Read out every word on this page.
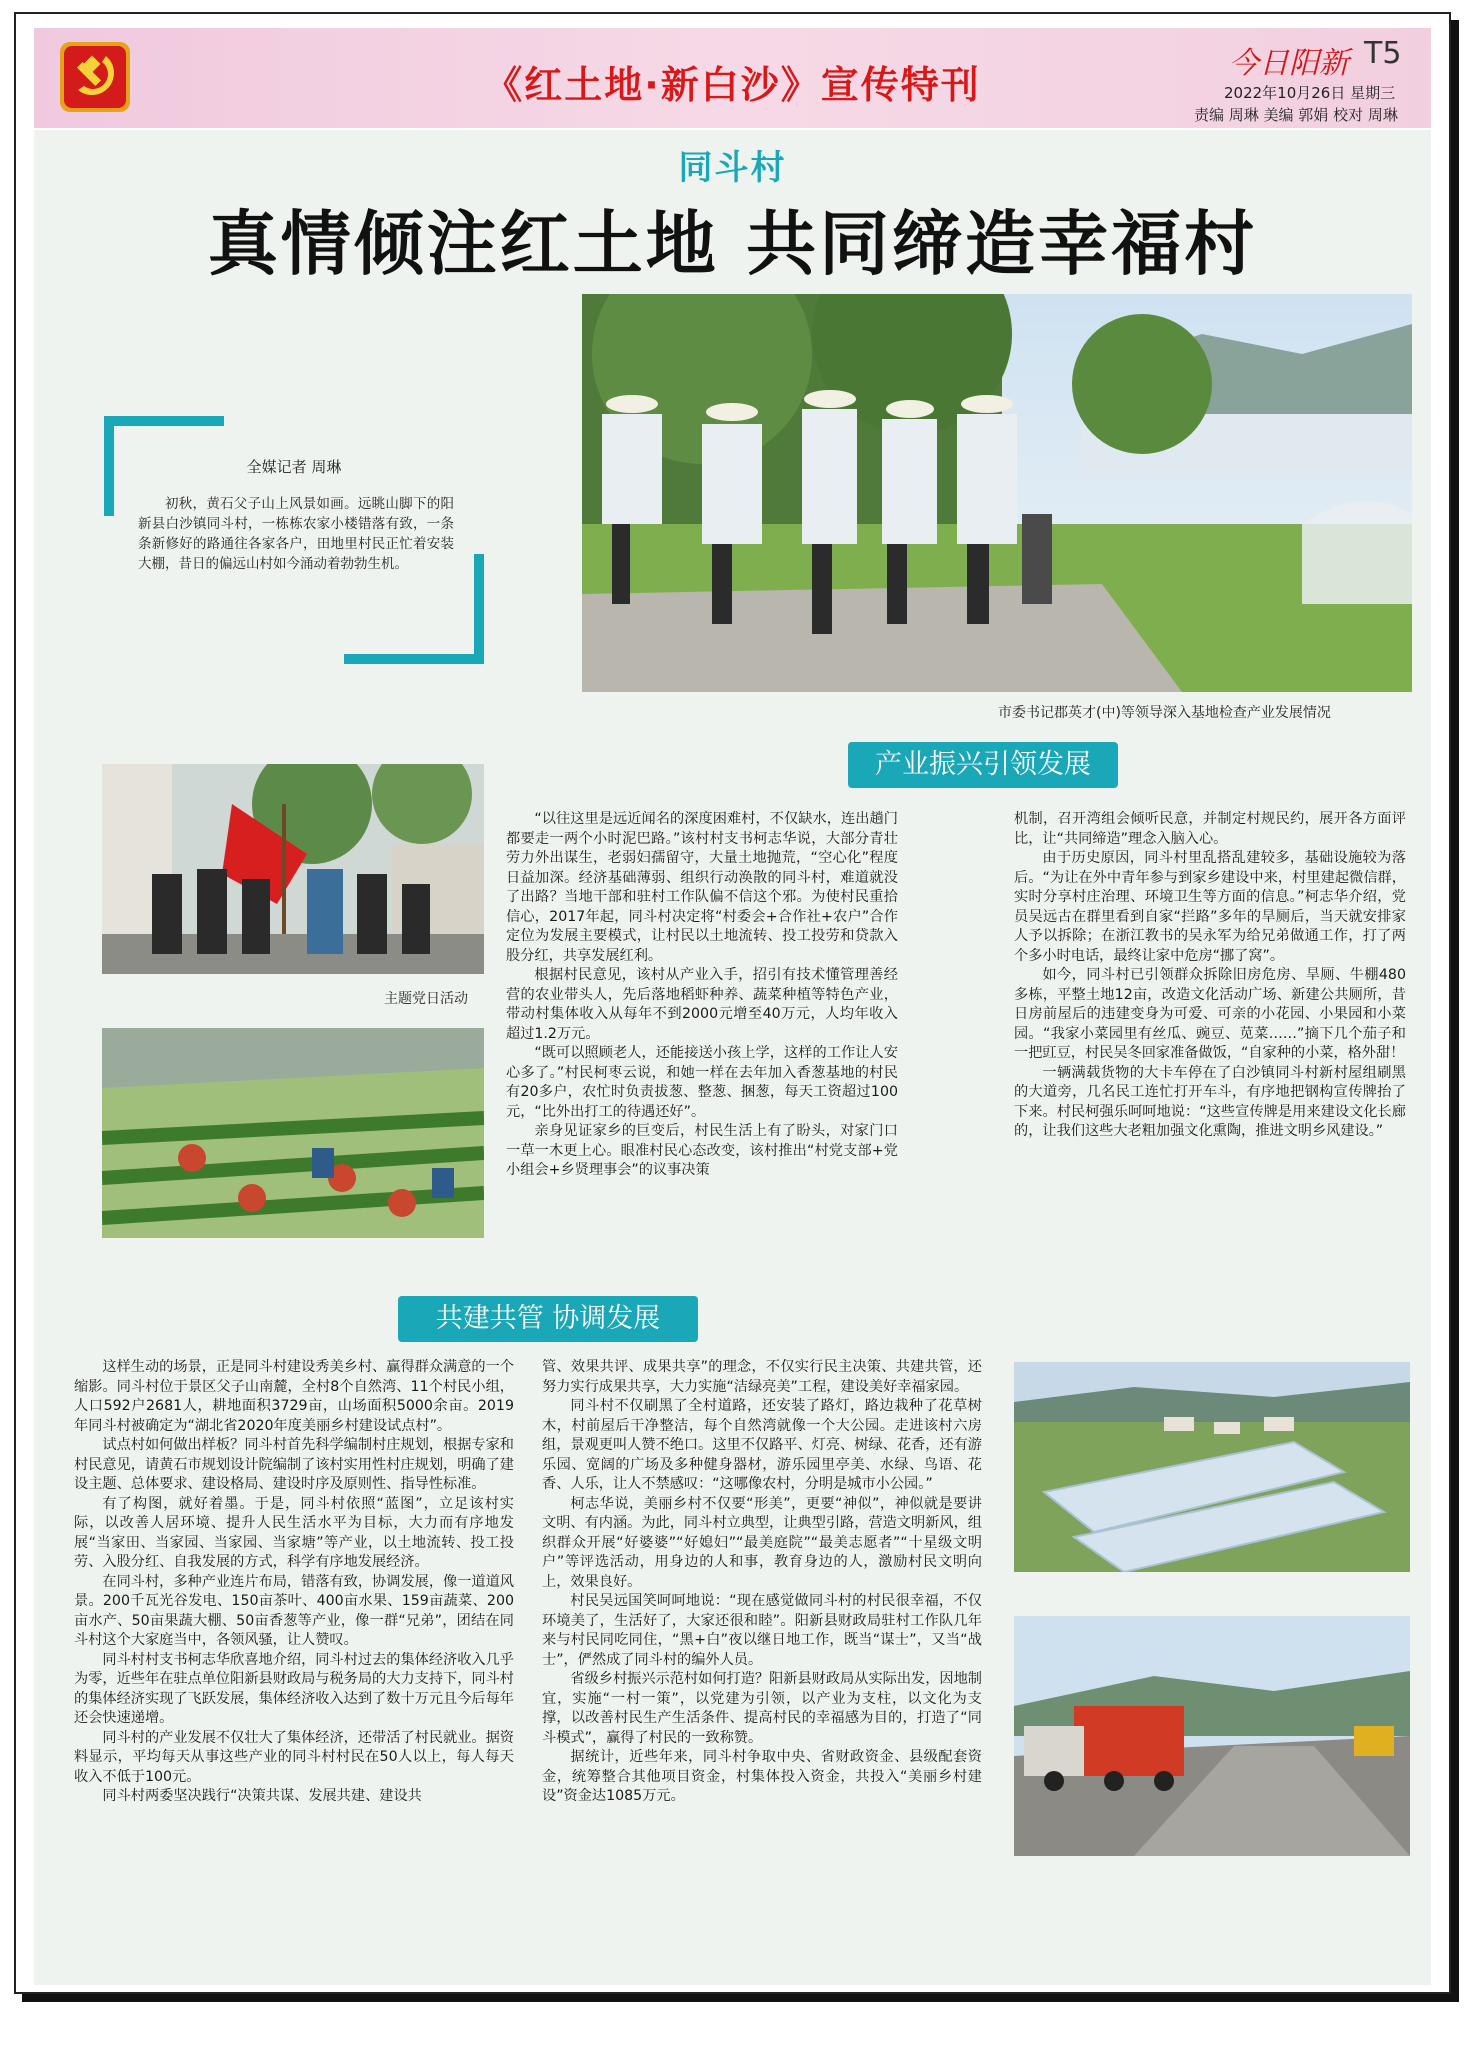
《红土地·新白沙》宣传特刊	今日阳新 T5
2022年10月26日 星期三
责编 周琳 美编 郭娟 校对 周琳
同斗村
真情倾注红土地 共同缔造幸福村
全媒记者 周琳
初秋，黄石父子山上风景如画。远眺山脚下的阳新县白沙镇同斗村，一栋栋农家小楼错落有致，一条条新修好的路通往各家各户，田地里村民正忙着安装大棚，昔日的偏远山村如今涌动着勃勃生机。
市委书记郡英才(中)等领导深入基地检查产业发展情况
产业振兴引领发展
主题党日活动

“以往这里是远近闻名的深度困难村，不仅缺水，连出趟门都要走一两个小时泥巴路。”该村村支书柯志华说，大部分青壮劳力外出谋生，老弱妇孺留守，大量土地抛荒，“空心化”程度日益加深。经济基础薄弱、组织行动涣散的同斗村，难道就没了出路？当地干部和驻村工作队偏不信这个邪。为使村民重拾信心，2017年起，同斗村决定将“村委会+合作社+农户”合作定位为发展主要模式，让村民以土地流转、投工投劳和贷款入股分红，共享发展红利。

根据村民意见，该村从产业入手，招引有技术懂管理善经营的农业带头人，先后落地稻虾种养、蔬菜种植等特色产业，带动村集体收入从每年不到2000元增至40万元，人均年收入超过1.2万元。

“既可以照顾老人，还能接送小孩上学，这样的工作让人安心多了。”村民柯枣云说，和她一样在去年加入香葱基地的村民有20多户，农忙时负责拔葱、整葱、捆葱，每天工资超过100元，“比外出打工的待遇还好”。

亲身见证家乡的巨变后，村民生活上有了盼头，对家门口一草一木更上心。眼准村民心态改变，该村推出“村党支部+党小组会+乡贤理事会”的议事决策

机制，召开湾组会倾听民意，并制定村规民约，展开各方面评比，让“共同缔造”理念入脑入心。

由于历史原因，同斗村里乱搭乱建较多，基础设施较为落后。“为让在外中青年参与到家乡建设中来，村里建起微信群，实时分享村庄治理、环境卫生等方面的信息。”柯志华介绍，党员吴远古在群里看到自家“拦路”多年的旱厕后，当天就安排家人予以拆除；在浙江教书的吴永军为给兄弟做通工作，打了两个多小时电话，最终让家中危房“挪了窝”。

如今，同斗村已引领群众拆除旧房危房、旱厕、牛棚480多栋，平整土地12亩，改造文化活动广场、新建公共厕所，昔日房前屋后的违建变身为可爱、可亲的小花园、小果园和小菜园。“我家小菜园里有丝瓜、豌豆、苋菜……”摘下几个茄子和一把豇豆，村民吴冬回家准备做饭，“自家种的小菜，格外甜！

一辆满载货物的大卡车停在了白沙镇同斗村新村屋组刷黑的大道旁，几名民工连忙打开车斗，有序地把钢构宣传牌抬了下来。村民柯强乐呵呵地说：“这些宣传牌是用来建设文化长廊的，让我们这些大老粗加强文化熏陶，推进文明乡风建设。”

共建共管 协调发展

这样生动的场景，正是同斗村建设秀美乡村、赢得群众满意的一个缩影。同斗村位于景区父子山南麓，全村8个自然湾、11个村民小组，人口592户2681人，耕地面积3729亩，山场面积5000余亩。2019年同斗村被确定为“湖北省2020年度美丽乡村建设试点村”。

试点村如何做出样板？同斗村首先科学编制村庄规划，根据专家和村民意见，请黄石市规划设计院编制了该村实用性村庄规划，明确了建设主题、总体要求、建设格局、建设时序及原则性、指导性标准。

有了构图，就好着墨。于是，同斗村依照“蓝图”，立足该村实际，以改善人居环境、提升人民生活水平为目标，大力而有序地发展“当家田、当家园、当家园、当家塘”等产业，以土地流转、投工投劳、入股分红、自我发展的方式，科学有序地发展经济。

在同斗村，多种产业连片布局，错落有致，协调发展，像一道道风景。200千瓦光谷发电、150亩茶叶、400亩水果、159亩蔬菜、200亩水产、50亩果蔬大棚、50亩香葱等产业，像一群“兄弟”，团结在同斗村这个大家庭当中，各领风骚，让人赞叹。

同斗村村支书柯志华欣喜地介绍，同斗村过去的集体经济收入几乎为零，近些年在驻点单位阳新县财政局与税务局的大力支持下，同斗村的集体经济实现了飞跃发展，集体经济收入达到了数十万元且今后每年还会快速递增。

同斗村的产业发展不仅壮大了集体经济，还带活了村民就业。据资料显示，平均每天从事这些产业的同斗村村民在50人以上，每人每天收入不低于100元。

同斗村两委坚决践行“决策共谋、发展共建、建设共

管、效果共评、成果共享”的理念，不仅实行民主决策、共建共管，还努力实行成果共享，大力实施“洁绿亮美”工程，建设美好幸福家园。

同斗村不仅刷黑了全村道路，还安装了路灯，路边栽种了花草树木，村前屋后干净整洁，每个自然湾就像一个大公园。走进该村六房组，景观更叫人赞不绝口。这里不仅路平、灯亮、树绿、花香，还有游乐园、宽阔的广场及多种健身器材，游乐园里亭美、水绿、鸟语、花香、人乐，让人不禁感叹：“这哪像农村，分明是城市小公园。”

柯志华说，美丽乡村不仅要“形美”，更要“神似”，神似就是要讲文明、有内涵。为此，同斗村立典型，让典型引路，营造文明新风，组织群众开展“好婆婆”“好媳妇”“最美庭院”“最美志愿者”“十星级文明户”等评选活动，用身边的人和事，教育身边的人，激励村民文明向上，效果良好。

村民吴远国笑呵呵地说：“现在感觉做同斗村的村民很幸福，不仅环境美了，生活好了，大家还很和睦”。阳新县财政局驻村工作队几年来与村民同吃同住，“黑+白”夜以继日地工作，既当“谋士”，又当“战士”，俨然成了同斗村的编外人员。

省级乡村振兴示范村如何打造？阳新县财政局从实际出发，因地制宜，实施“一村一策”，以党建为引领，以产业为支柱，以文化为支撑，以改善村民生产生活条件、提高村民的幸福感为目的，打造了“同斗模式”，赢得了村民的一致称赞。

据统计，近些年来，同斗村争取中央、省财政资金、县级配套资金，统筹整合其他项目资金，村集体投入资金，共投入“美丽乡村建设”资金达1085万元。
